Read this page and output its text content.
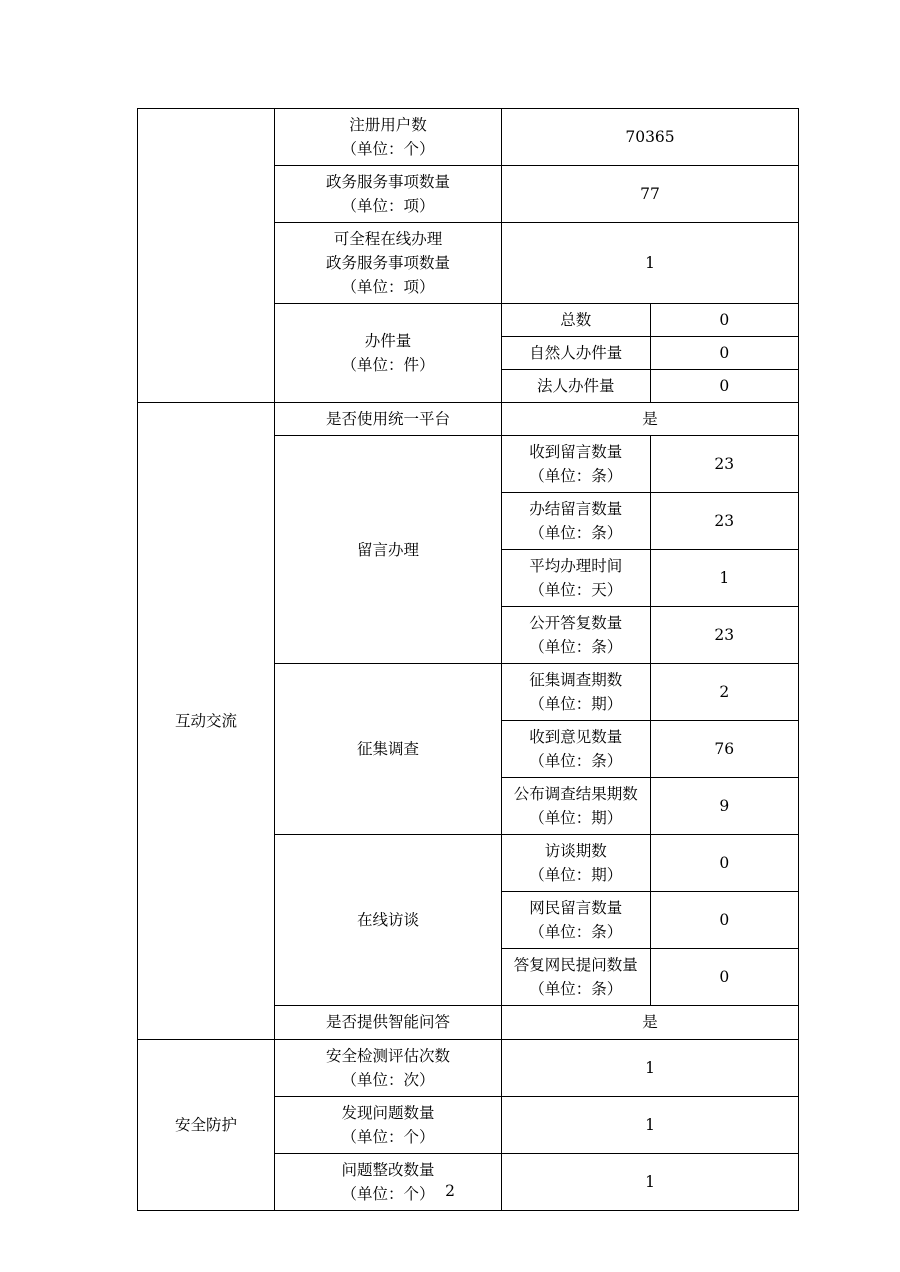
	注册用户数
（单位：个）	70365	

	政务服务事项数量
（单位：项）	77	

	可全程在线办理
政务服务事项数量
（单位：项）	1	

	办件量
（单位：件）	总数	0
		自然人办件量	0
		法人办件量	0
互动交流	是否使用统一平台	是	
	留言办理	收到留言数量
（单位：条）	23

		办结留言数量
（单位：条）	23

		平均办理时间
（单位：天）	1

		公开答复数量
（单位：条）	23
	征集调查	征集调查期数
（单位：期）	2

		收到意见数量
（单位：条）	76

		公布调查结果期数
（单位：期）	9
	在线访谈	访谈期数
（单位：期）	0

		网民留言数量
（单位：条）	0

		答复网民提问数量
（单位：条）	0
	是否提供智能问答	是	
安全防护	安全检测评估次数
（单位：次）	1	

	发现问题数量
（单位：个）	1	

	问题整改数量
（单位：个）	1	
2
